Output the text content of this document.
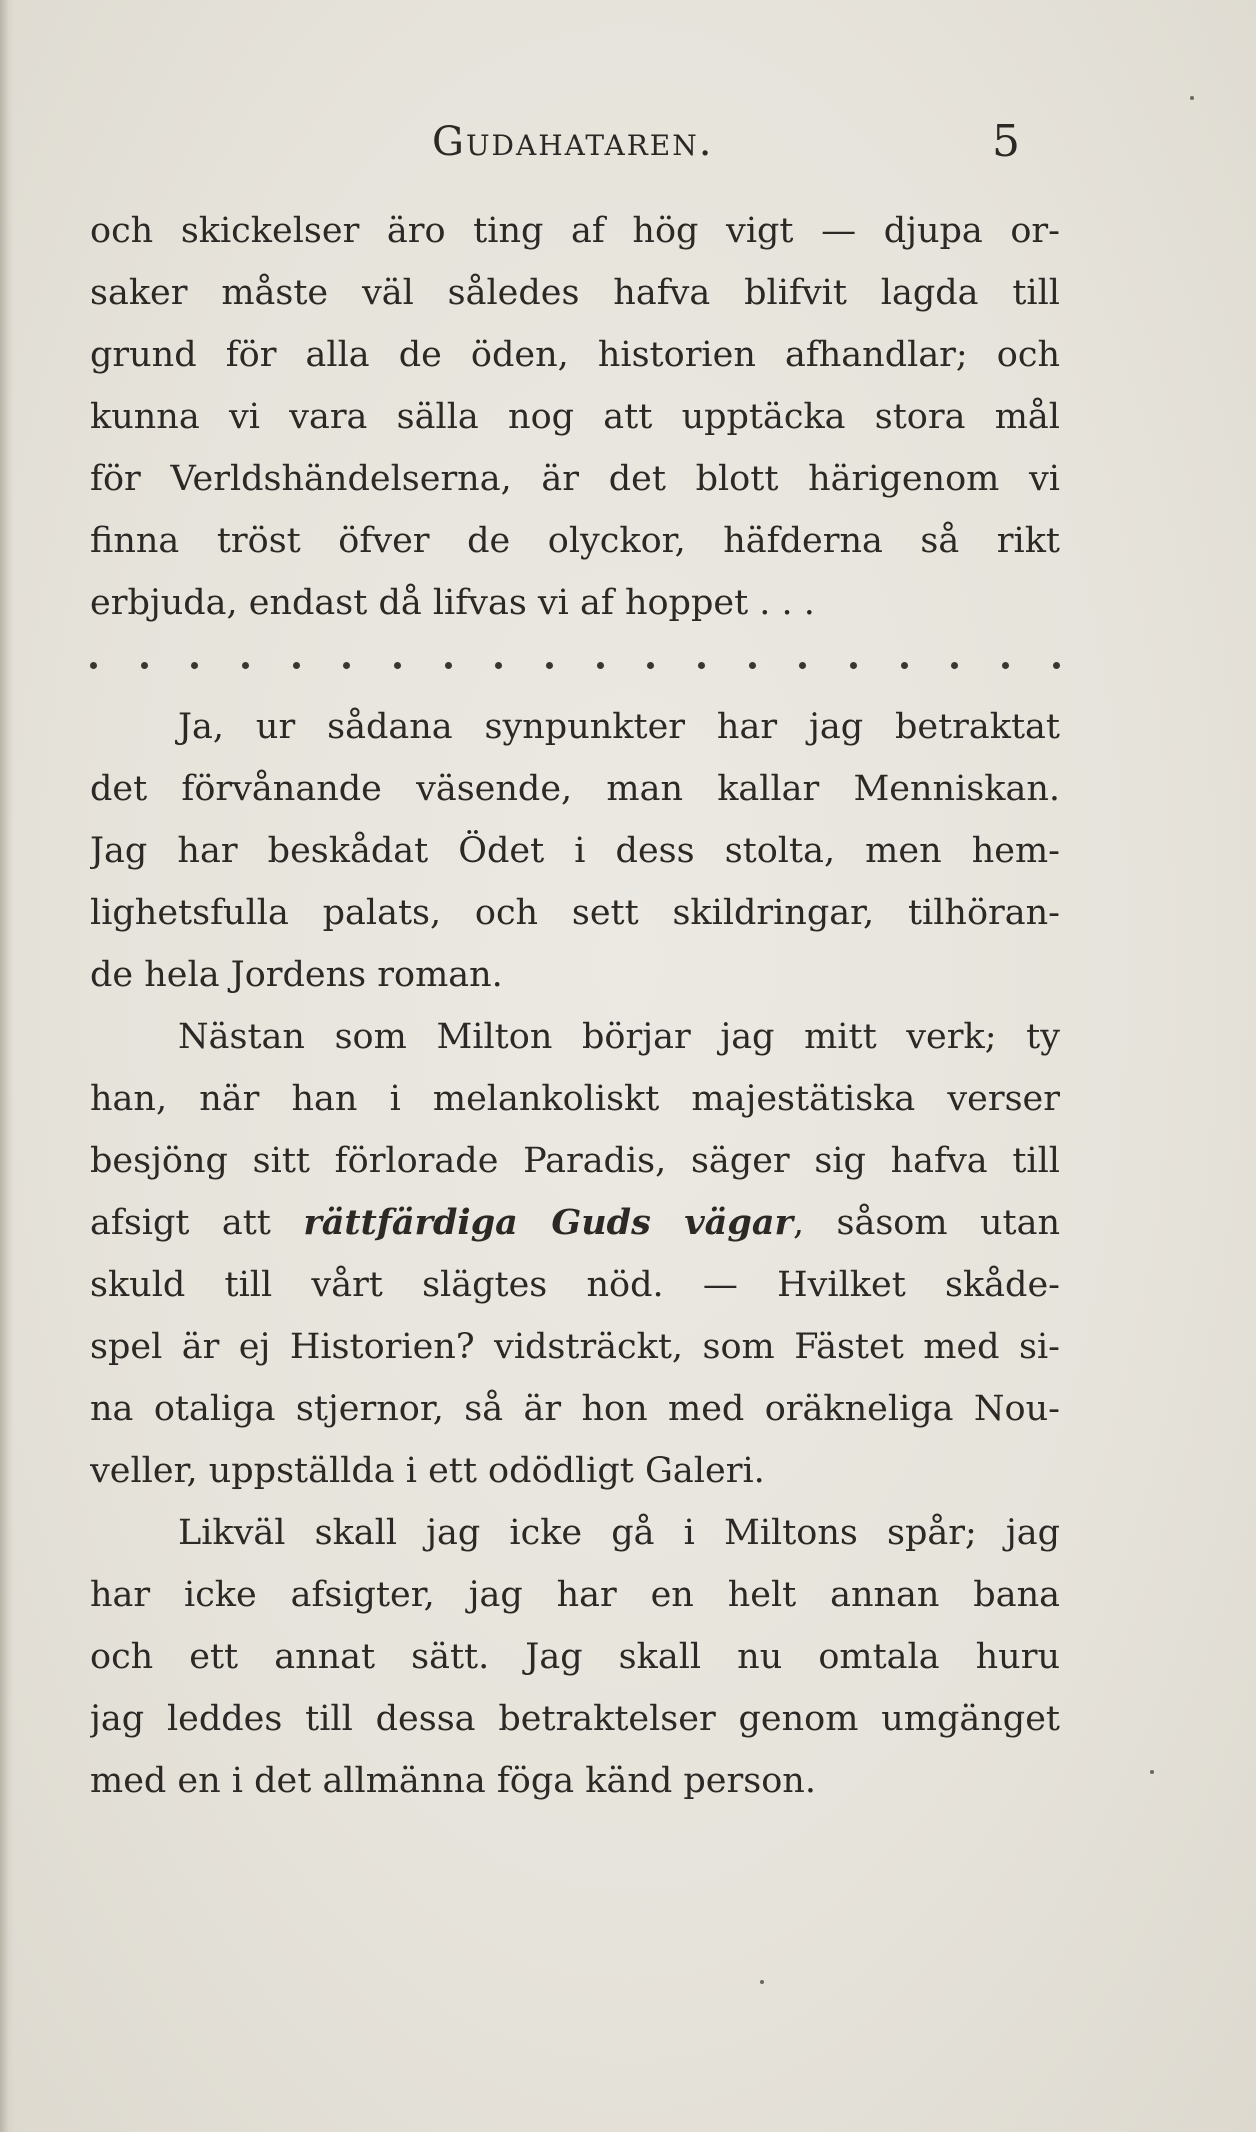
Gudahataren.	5
och skickelser äro ting af hög vigt — djupa or-
saker måste väl således hafva blifvit lagda till
grund för alla de öden, historien afhandlar; och
kunna vi vara sälla nog att upptäcka stora mål
för Verldshändelserna, är det blott härigenom vi
finna tröst öfver de olyckor, häfderna så rikt
erbjuda, endast då lifvas vi af hoppet . . .
Ja, ur sådana synpunkter har jag betraktat
det förvånande väsende, man kallar Menniskan.
Jag har beskådat Ödet i dess stolta, men hem-
lighetsfulla palats, och sett skildringar, tilhöran-
de hela Jordens roman.
Nästan som Milton börjar jag mitt verk; ty
han, när han i melankoliskt majestätiska verser
besjöng sitt förlorade Paradis, säger sig hafva till
afsigt att rättfärdiga Guds vägar, såsom utan
skuld till vårt slägtes nöd. — Hvilket skåde-
spel är ej Historien? vidsträckt, som Fästet med si-
na otaliga stjernor, så är hon med oräkneliga Nou-
veller, uppställda i ett odödligt Galeri.
Likväl skall jag icke gå i Miltons spår; jag
har icke afsigter, jag har en helt annan bana
och ett annat sätt. Jag skall nu omtala huru
jag leddes till dessa betraktelser genom umgänget
med en i det allmänna föga känd person.
